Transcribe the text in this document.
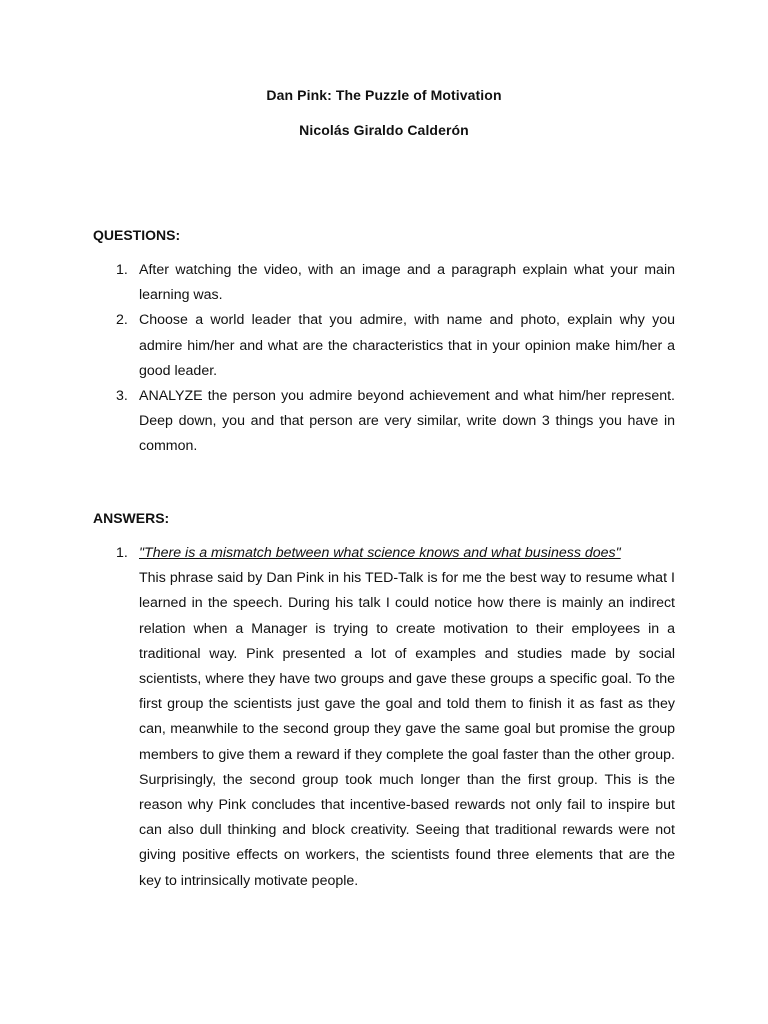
Dan Pink: The Puzzle of Motivation
Nicolás Giraldo Calderón
QUESTIONS:
1. After watching the video, with an image and a paragraph explain what your main learning was.
2. Choose a world leader that you admire, with name and photo, explain why you admire him/her and what are the characteristics that in your opinion make him/her a good leader.
3. ANALYZE the person you admire beyond achievement and what him/her represent. Deep down, you and that person are very similar, write down 3 things you have in common.
ANSWERS:
1. "There is a mismatch between what science knows and what business does"
This phrase said by Dan Pink in his TED-Talk is for me the best way to resume what I learned in the speech. During his talk I could notice how there is mainly an indirect relation when a Manager is trying to create motivation to their employees in a traditional way. Pink presented a lot of examples and studies made by social scientists, where they have two groups and gave these groups a specific goal. To the first group the scientists just gave the goal and told them to finish it as fast as they can, meanwhile to the second group they gave the same goal but promise the group members to give them a reward if they complete the goal faster than the other group. Surprisingly, the second group took much longer than the first group. This is the reason why Pink concludes that incentive-based rewards not only fail to inspire but can also dull thinking and block creativity. Seeing that traditional rewards were not giving positive effects on workers, the scientists found three elements that are the key to intrinsically motivate people.
